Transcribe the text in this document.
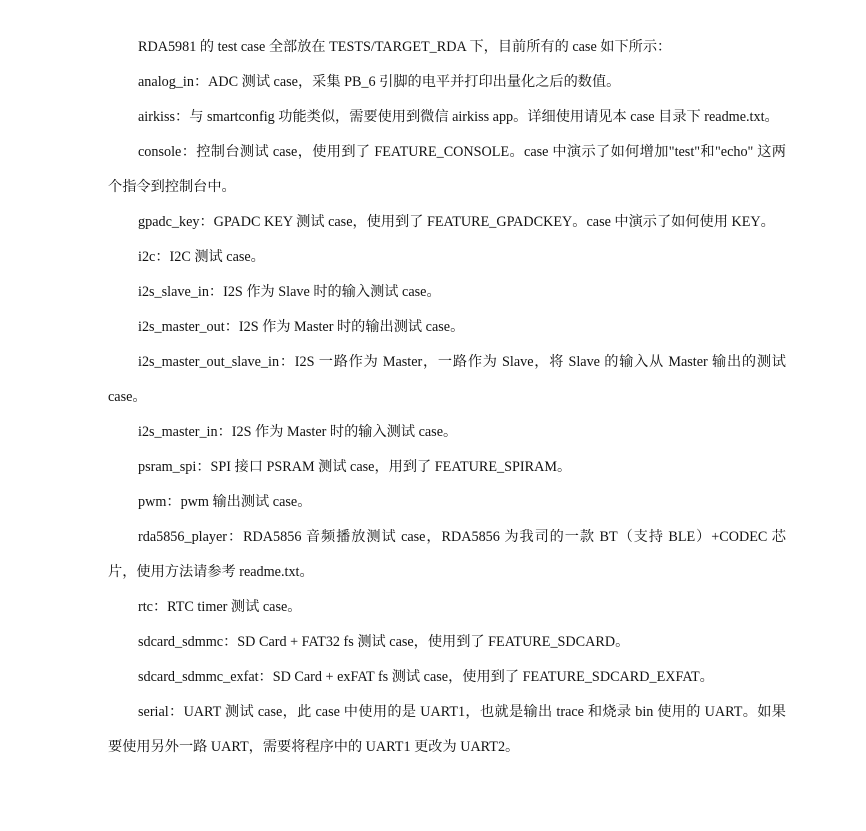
RDA5981 的 test case 全部放在 TESTS/TARGET_RDA 下，目前所有的 case 如下所示：

analog_in：ADC 测试 case，采集 PB_6 引脚的电平并打印出量化之后的数值。

airkiss：与 smartconfig 功能类似，需要使用到微信 airkiss app。详细使用请见本 case 目录下 readme.txt。

console：控制台测试 case，使用到了 FEATURE_CONSOLE。case 中演示了如何增加"test"和"echo" 这两个指令到控制台中。

gpadc_key：GPADC KEY 测试 case，使用到了 FEATURE_GPADCKEY。case 中演示了如何使用 KEY。

i2c：I2C 测试 case。

i2s_slave_in：I2S 作为 Slave 时的输入测试 case。

i2s_master_out：I2S 作为 Master 时的输出测试 case。

i2s_master_out_slave_in：I2S 一路作为 Master，一路作为 Slave，将 Slave 的输入从 Master 输出的测试 case。

i2s_master_in：I2S 作为 Master 时的输入测试 case。

psram_spi：SPI 接口 PSRAM 测试 case，用到了 FEATURE_SPIRAM。

pwm：pwm 输出测试 case。

rda5856_player：RDA5856 音频播放测试 case，RDA5856 为我司的一款 BT（支持 BLE）+CODEC 芯片，使用方法请参考 readme.txt。

rtc：RTC timer 测试 case。

sdcard_sdmmc：SD Card + FAT32 fs 测试 case，使用到了 FEATURE_SDCARD。

sdcard_sdmmc_exfat：SD Card + exFAT fs 测试 case，使用到了 FEATURE_SDCARD_EXFAT。

serial：UART 测试 case，此 case 中使用的是 UART1，也就是输出 trace 和烧录 bin 使用的 UART。如果要使用另外一路 UART，需要将程序中的 UART1 更改为 UART2。
